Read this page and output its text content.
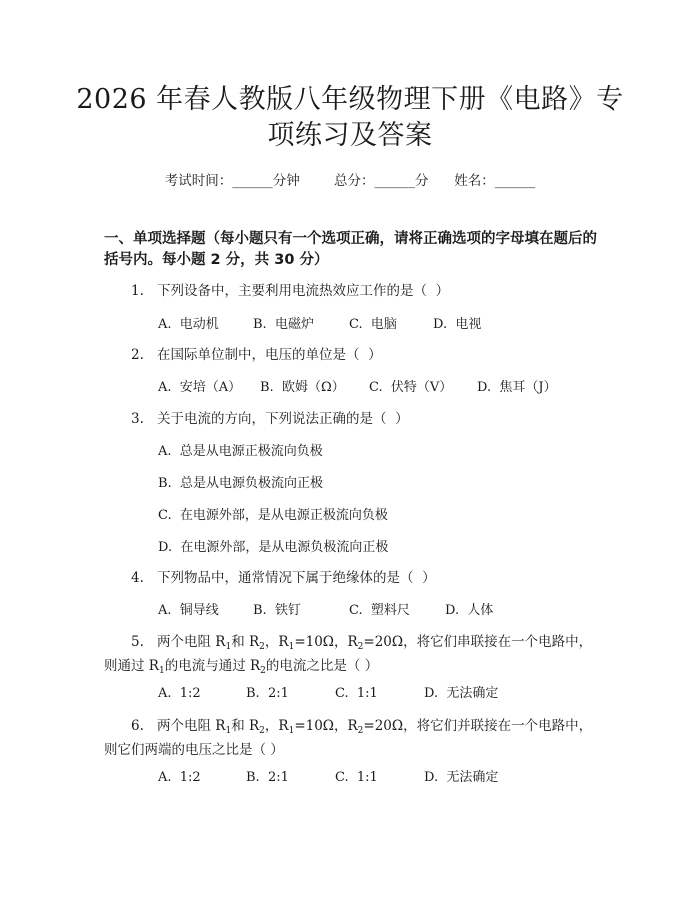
2026 年春人教版八年级物理下册《电路》专
项练习及答案
考试时间：______分钟	总分：______分 姓名：______
一、单项选择题（每小题只有一个选项正确，请将正确选项的字母填在题后的括号内。每小题 2 分，共 30 分）
1. 下列设备中，主要利用电流热效应工作的是（  ）
A.  电动机	B.  电磁炉	C.  电脑	D.  电视
2. 在国际单位制中，电压的单位是（  ）
A.  安培（A） B.  欧姆（Ω） C.  伏特（V） D.  焦耳（J）
3. 关于电流的方向，下列说法正确的是（  ）
A.  总是从电源正极流向负极
B.  总是从电源负极流向正极
C.  在电源外部，是从电源正极流向负极
D.  在电源外部，是从电源负极流向正极
4. 下列物品中，通常情况下属于绝缘体的是（  ）
A.  铜导线	B.  铁钉	C.  塑料尺	D.  人体
5. 两个电阻 $R_1$和 $R_2$，$R_1=10\Omega$，$R_2=20\Omega$，将它们串联接在一个电路中，则通过 $R_1$的电流与通过 $R_2$的电流之比是（ ）
A.  1:2	B.  2:1	C.  1:1	D.  无法确定
6. 两个电阻 $R_1$和 $R_2$，$R_1=10\Omega$，$R_2=20\Omega$，将它们并联接在一个电路中，则它们两端的电压之比是（ ）
A.  1:2	B.  2:1	C.  1:1	D.  无法确定
